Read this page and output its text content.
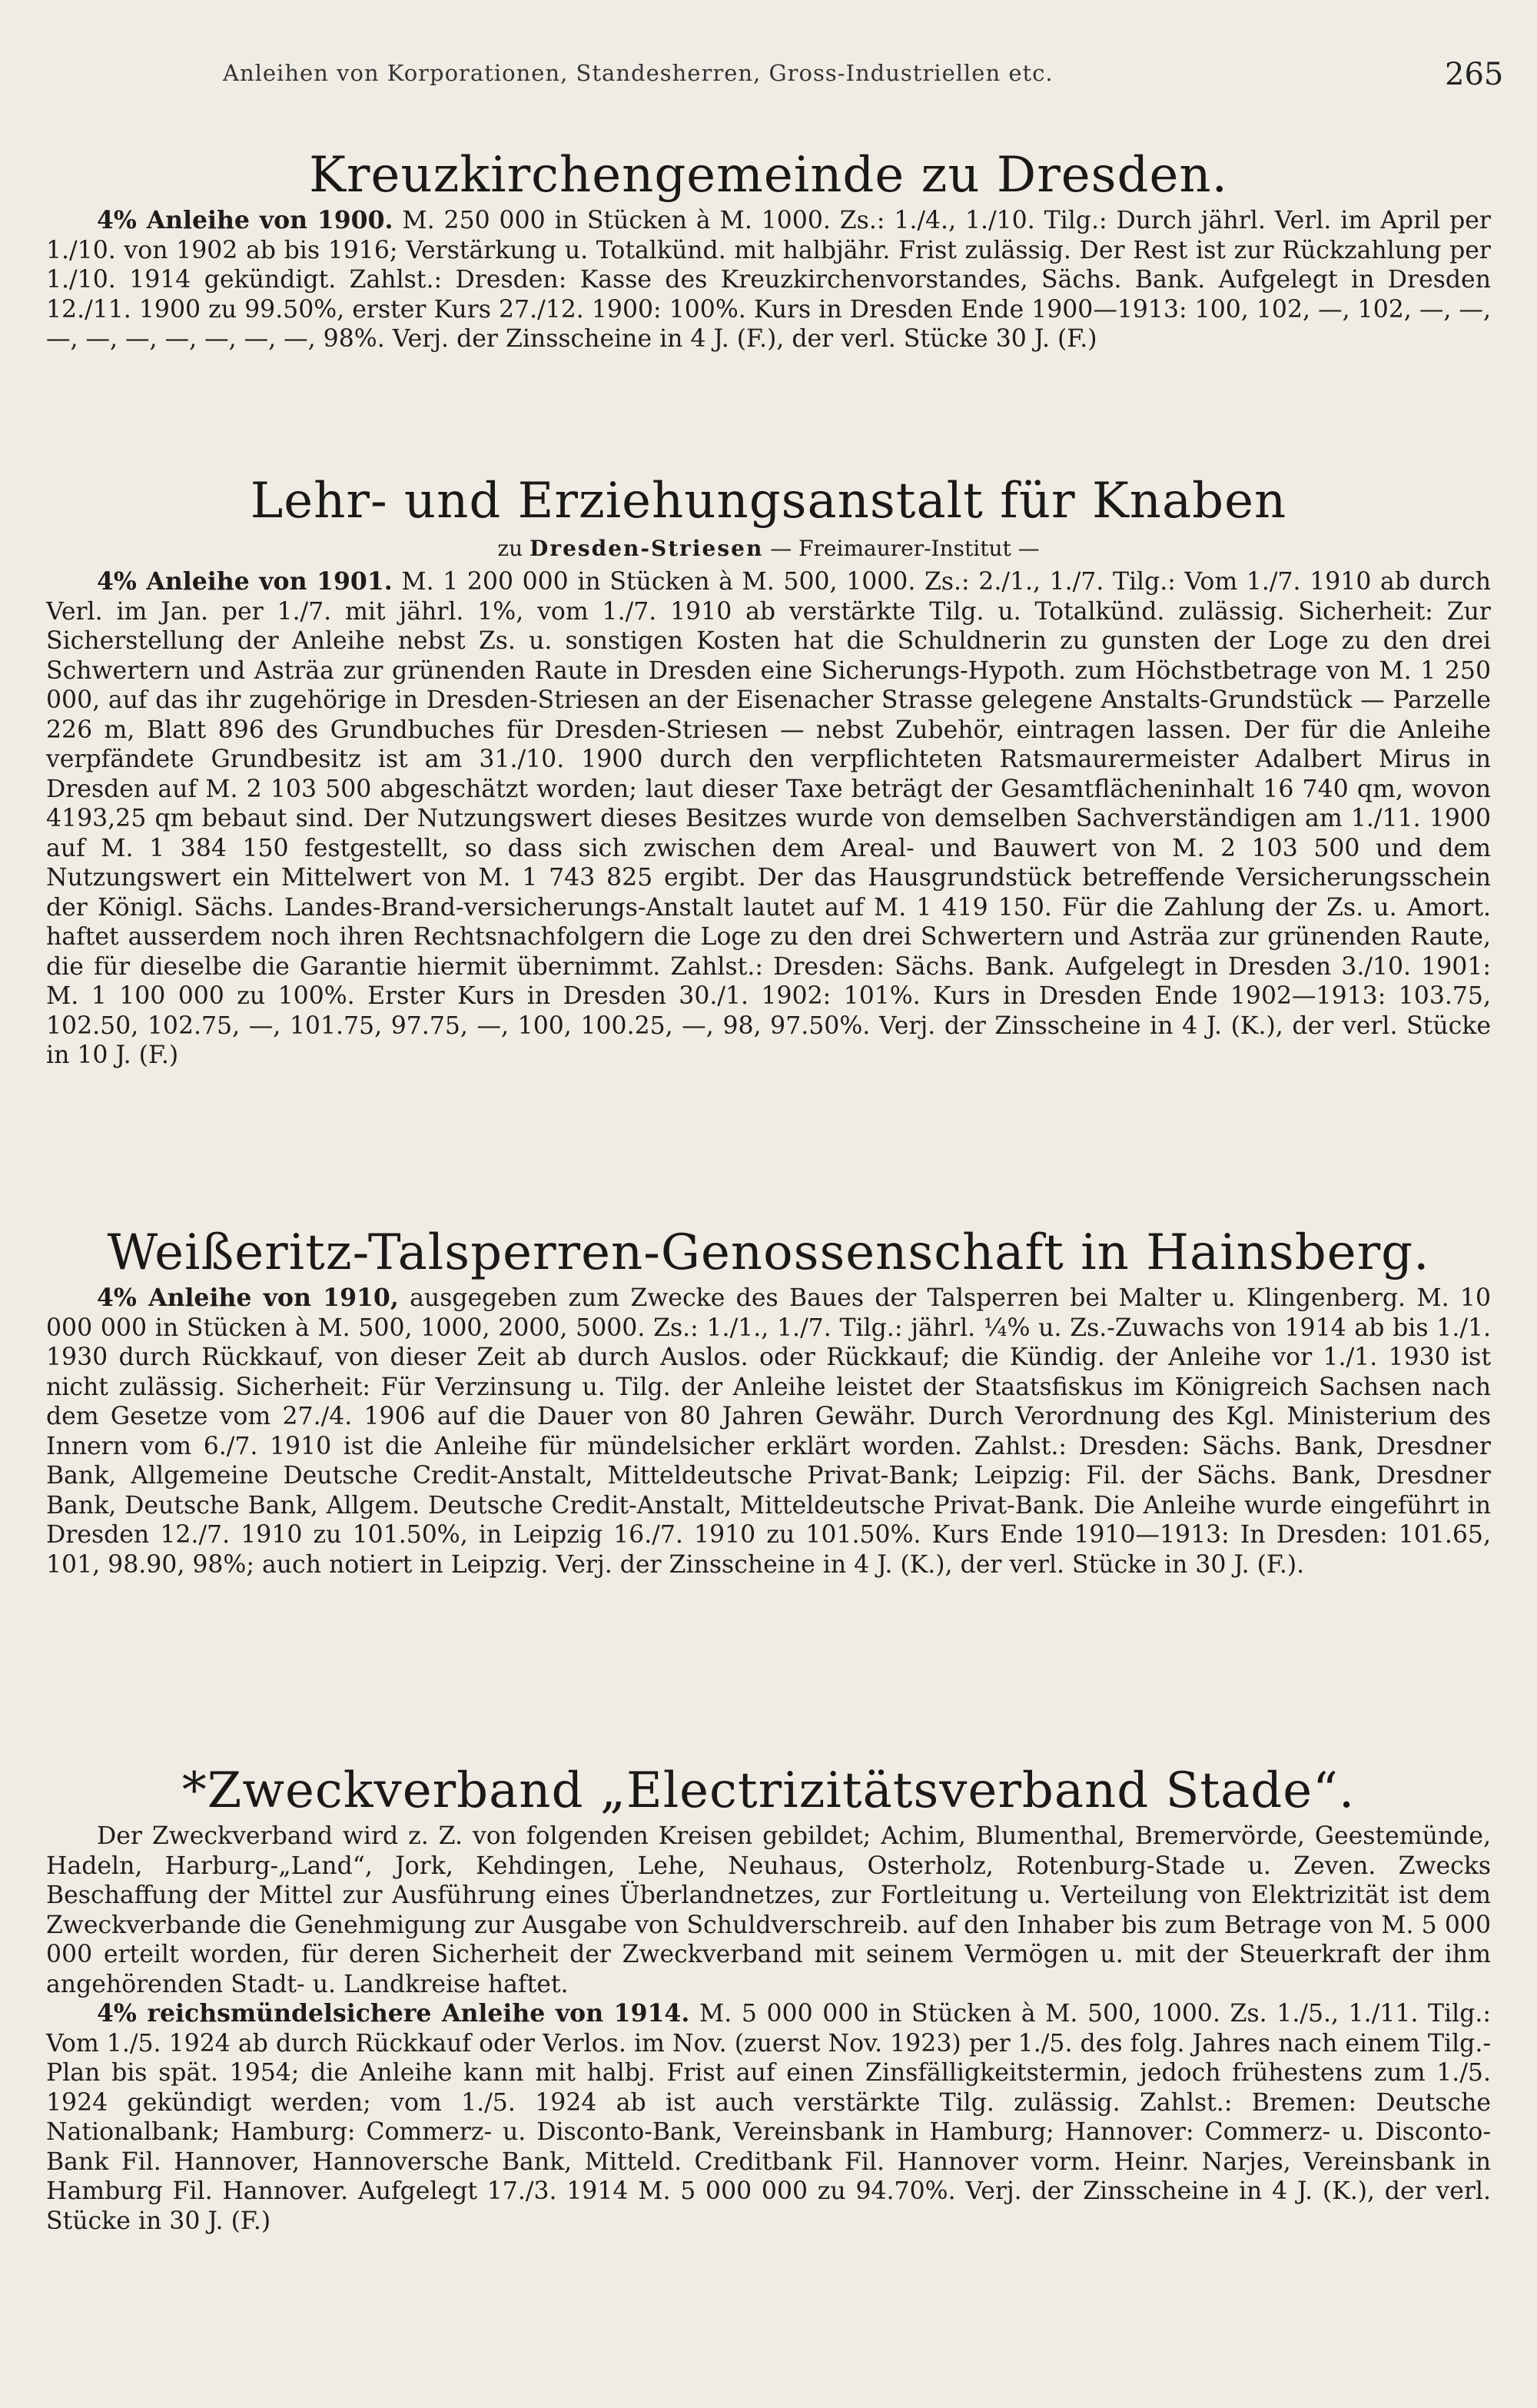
Anleihen von Korporationen, Standesherren, Gross-Industriellen etc.	265
Kreuzkirchengemeinde zu Dresden.

4% Anleihe von 1900. M. 250 000 in Stücken à M. 1000. Zs.: 1./4., 1./10. Tilg.: Durch jährl. Verl. im April per 1./10. von 1902 ab bis 1916; Verstärkung u. Totalkünd. mit halbjähr. Frist zulässig. Der Rest ist zur Rückzahlung per 1./10. 1914 gekündigt. Zahlst.: Dresden: Kasse des Kreuzkirchenvorstandes, Sächs. Bank. Aufgelegt in Dresden 12./11. 1900 zu 99.50%, erster Kurs 27./12. 1900: 100%. Kurs in Dresden Ende 1900—1913: 100, 102, —, 102, —, —, —, —, —, —, —, —, —, 98%. Verj. der Zinsscheine in 4 J. (F.), der verl. Stücke 30 J. (F.)

Lehr- und Erziehungsanstalt für Knaben
zu Dresden-Striesen — Freimaurer-Institut —

4% Anleihe von 1901. M. 1 200 000 in Stücken à M. 500, 1000. Zs.: 2./1., 1./7. Tilg.: Vom 1./7. 1910 ab durch Verl. im Jan. per 1./7. mit jährl. 1%, vom 1./7. 1910 ab verstärkte Tilg. u. Totalkünd. zulässig. Sicherheit: Zur Sicherstellung der Anleihe nebst Zs. u. sonstigen Kosten hat die Schuldnerin zu gunsten der Loge zu den drei Schwertern und Asträa zur grünenden Raute in Dresden eine Sicherungs-Hypoth. zum Höchstbetrage von M. 1 250 000, auf das ihr zugehörige in Dresden-Striesen an der Eisenacher Strasse gelegene Anstalts-Grundstück — Parzelle 226 m, Blatt 896 des Grundbuches für Dresden-Striesen — nebst Zubehör, eintragen lassen. Der für die Anleihe verpfändete Grundbesitz ist am 31./10. 1900 durch den verpflichteten Ratsmaurermeister Adalbert Mirus in Dresden auf M. 2 103 500 abgeschätzt worden; laut dieser Taxe beträgt der Gesamtflächeninhalt 16 740 qm, wovon 4193,25 qm bebaut sind. Der Nutzungswert dieses Besitzes wurde von demselben Sachverständigen am 1./11. 1900 auf M. 1 384 150 festgestellt, so dass sich zwischen dem Areal- und Bauwert von M. 2 103 500 und dem Nutzungswert ein Mittelwert von M. 1 743 825 ergibt. Der das Hausgrundstück betreffende Versicherungsschein der Königl. Sächs. Landes-Brand-versicherungs-Anstalt lautet auf M. 1 419 150. Für die Zahlung der Zs. u. Amort. haftet ausserdem noch ihren Rechtsnachfolgern die Loge zu den drei Schwertern und Asträa zur grünenden Raute, die für dieselbe die Garantie hiermit übernimmt. Zahlst.: Dresden: Sächs. Bank. Aufgelegt in Dresden 3./10. 1901: M. 1 100 000 zu 100%. Erster Kurs in Dresden 30./1. 1902: 101%. Kurs in Dresden Ende 1902—1913: 103.75, 102.50, 102.75, —, 101.75, 97.75, —, 100, 100.25, —, 98, 97.50%. Verj. der Zinsscheine in 4 J. (K.), der verl. Stücke in 10 J. (F.)

Weißeritz-Talsperren-Genossenschaft in Hainsberg.

4% Anleihe von 1910, ausgegeben zum Zwecke des Baues der Talsperren bei Malter u. Klingenberg. M. 10 000 000 in Stücken à M. 500, 1000, 2000, 5000. Zs.: 1./1., 1./7. Tilg.: jährl. ¼% u. Zs.-Zuwachs von 1914 ab bis 1./1. 1930 durch Rückkauf, von dieser Zeit ab durch Auslos. oder Rückkauf; die Kündig. der Anleihe vor 1./1. 1930 ist nicht zulässig. Sicherheit: Für Verzinsung u. Tilg. der Anleihe leistet der Staatsfiskus im Königreich Sachsen nach dem Gesetze vom 27./4. 1906 auf die Dauer von 80 Jahren Gewähr. Durch Verordnung des Kgl. Ministerium des Innern vom 6./7. 1910 ist die Anleihe für mündelsicher erklärt worden. Zahlst.: Dresden: Sächs. Bank, Dresdner Bank, Allgemeine Deutsche Credit-Anstalt, Mitteldeutsche Privat-Bank; Leipzig: Fil. der Sächs. Bank, Dresdner Bank, Deutsche Bank, Allgem. Deutsche Credit-Anstalt, Mitteldeutsche Privat-Bank. Die Anleihe wurde eingeführt in Dresden 12./7. 1910 zu 101.50%, in Leipzig 16./7. 1910 zu 101.50%. Kurs Ende 1910—1913: In Dresden: 101.65, 101, 98.90, 98%; auch notiert in Leipzig. Verj. der Zinsscheine in 4 J. (K.), der verl. Stücke in 30 J. (F.).

*Zweckverband „Electrizitätsverband Stade“.

Der Zweckverband wird z. Z. von folgenden Kreisen gebildet; Achim, Blumenthal, Bremervörde, Geestemünde, Hadeln, Harburg-„Land“, Jork, Kehdingen, Lehe, Neuhaus, Osterholz, Rotenburg-Stade u. Zeven. Zwecks Beschaffung der Mittel zur Ausführung eines Überlandnetzes, zur Fortleitung u. Verteilung von Elektrizität ist dem Zweckverbande die Genehmigung zur Ausgabe von Schuldverschreib. auf den Inhaber bis zum Betrage von M. 5 000 000 erteilt worden, für deren Sicherheit der Zweckverband mit seinem Vermögen u. mit der Steuerkraft der ihm angehörenden Stadt- u. Landkreise haftet.

4% reichsmündelsichere Anleihe von 1914. M. 5 000 000 in Stücken à M. 500, 1000. Zs. 1./5., 1./11. Tilg.: Vom 1./5. 1924 ab durch Rückkauf oder Verlos. im Nov. (zuerst Nov. 1923) per 1./5. des folg. Jahres nach einem Tilg.-Plan bis spät. 1954; die Anleihe kann mit halbj. Frist auf einen Zinsfälligkeitstermin, jedoch frühestens zum 1./5. 1924 gekündigt werden; vom 1./5. 1924 ab ist auch verstärkte Tilg. zulässig. Zahlst.: Bremen: Deutsche Nationalbank; Hamburg: Commerz- u. Disconto-Bank, Vereinsbank in Hamburg; Hannover: Commerz- u. Disconto-Bank Fil. Hannover, Hannoversche Bank, Mitteld. Creditbank Fil. Hannover vorm. Heinr. Narjes, Vereinsbank in Hamburg Fil. Hannover. Aufgelegt 17./3. 1914 M. 5 000 000 zu 94.70%. Verj. der Zinsscheine in 4 J. (K.), der verl. Stücke in 30 J. (F.)
